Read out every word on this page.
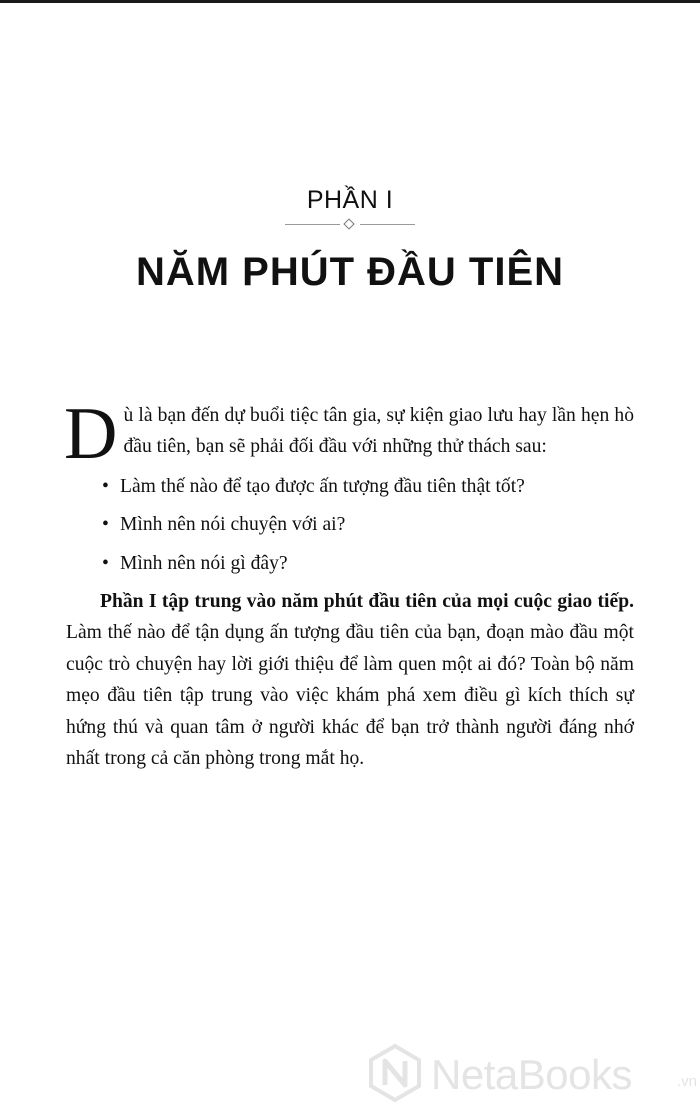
PHẦN I
NĂM PHÚT ĐẦU TIÊN

Dù là bạn đến dự buổi tiệc tân gia, sự kiện giao lưu hay lần hẹn hò đầu tiên, bạn sẽ phải đối đầu với những thử thách sau:

• Làm thế nào để tạo được ấn tượng đầu tiên thật tốt?
• Mình nên nói chuyện với ai?
• Mình nên nói gì đây?

Phần I tập trung vào năm phút đầu tiên của mọi cuộc giao tiếp. Làm thế nào để tận dụng ấn tượng đầu tiên của bạn, đoạn mào đầu một cuộc trò chuyện hay lời giới thiệu để làm quen một ai đó? Toàn bộ năm mẹo đầu tiên tập trung vào việc khám phá xem điều gì kích thích sự hứng thú và quan tâm ở người khác để bạn trở thành người đáng nhớ nhất trong cả căn phòng trong mắt họ.

NetaBooks	.vn
